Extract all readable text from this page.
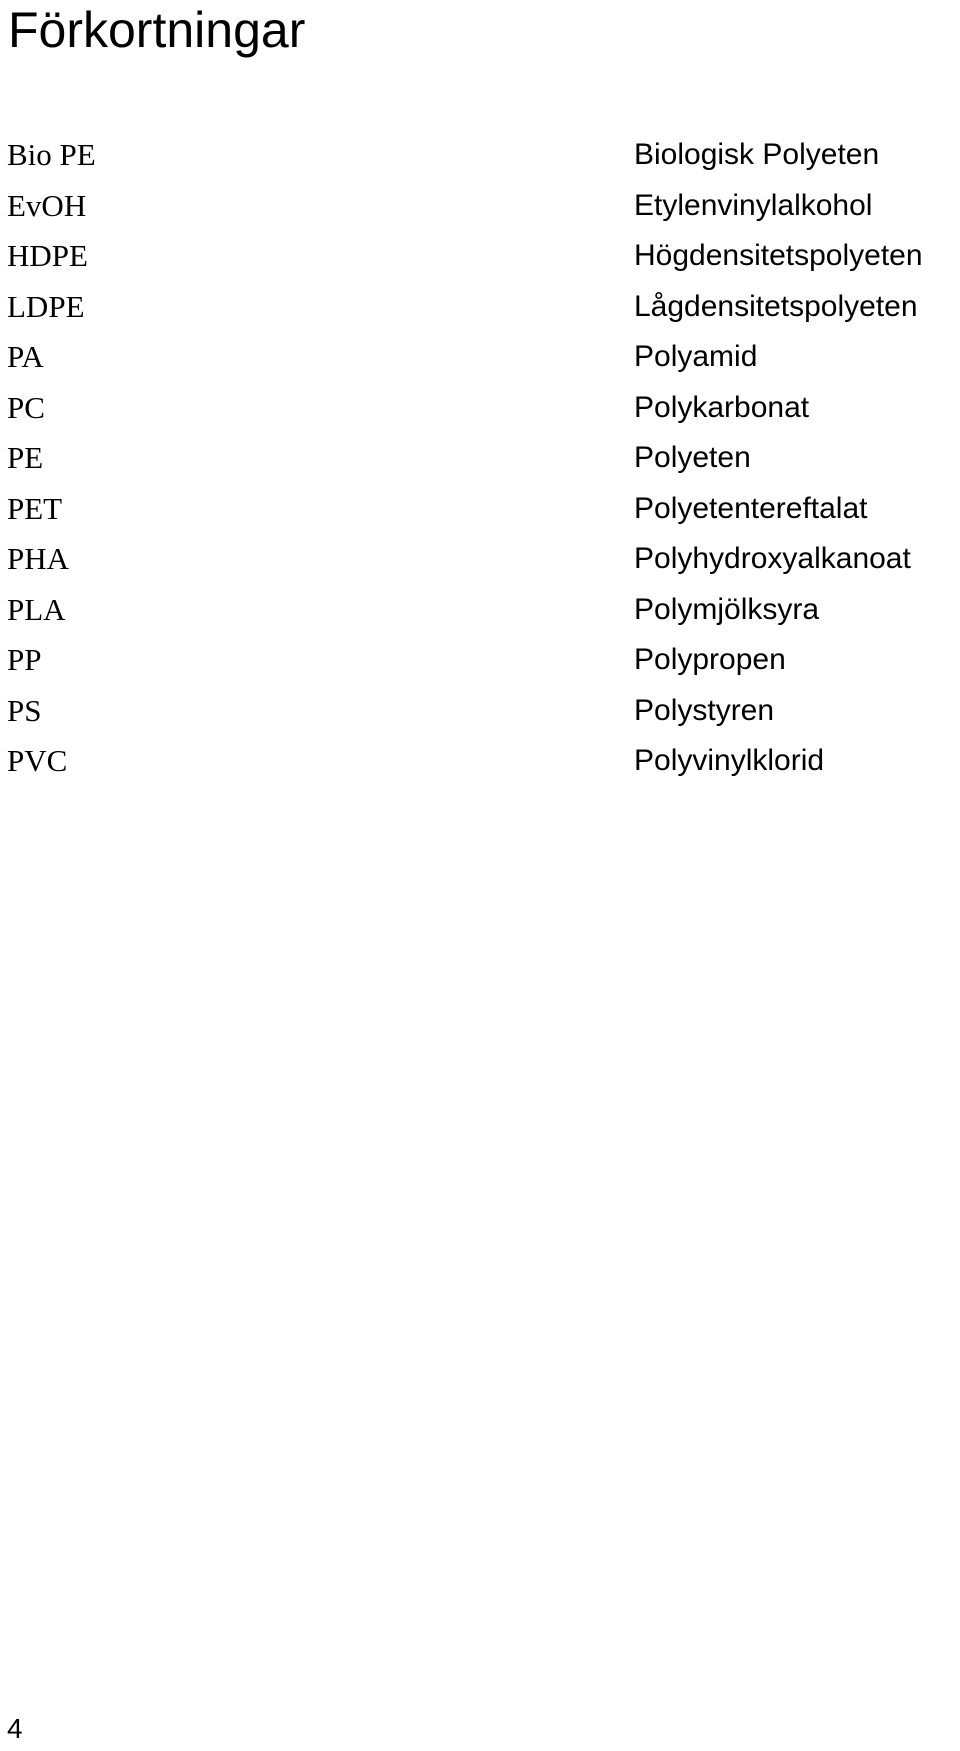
Förkortningar
Bio PE	Biologisk Polyeten
EvOH	Etylenvinylalkohol
HDPE	Högdensitetspolyeten
LDPE	Lågdensitetspolyeten
PA	Polyamid
PC	Polykarbonat
PE	Polyeten
PET	Polyetentereftalat
PHA	Polyhydroxyalkanoat
PLA	Polymjölksyra
PP	Polypropen
PS	Polystyren
PVC	Polyvinylklorid
4
